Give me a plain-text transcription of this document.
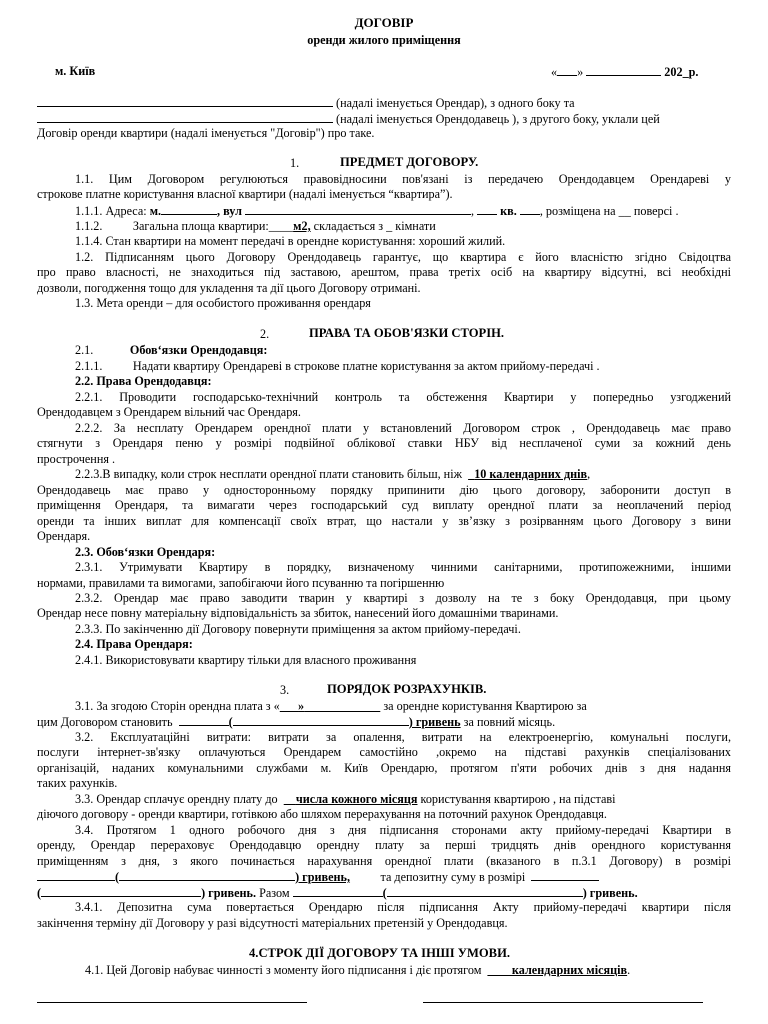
ДОГОВІР
оренди жилого приміщення
м. Київ	« »	202_р.
(надалі іменується Орендар), з одного боку та
(надалі іменується Орендодавець ), з другого боку, уклали цей
Договір оренди квартири (надалі іменується "Договір") про таке.
1.	ПРЕДМЕТ ДОГОВОРУ.
1.1. Цим Договором регулюються правовідносини пов'язані із передачею Орендодавцем Орендареві у
строкове платне користування власної квартири (надалі іменується “квартира”).
1.1.1. Адреса: м.	, вул	,  кв. , розміщена на __ поверсі .
1.1.2. Загальна площа квартири:____м2, складається з _ кімнати
1.1.4. Стан квартири на момент передачі в орендне користування: хороший жилий.
1.2. Підписанням цього Договору Орендодавець гарантує, що квартира є його власністю згідно Свідоцтва
про право власності, не знаходиться під заставою, арештом, права третіх осіб на квартиру відсутні, всі необхідні
дозволи, погодження тощо для укладення та дії цього Договору отримані.
1.3. Мета оренди – для особистого проживання орендаря
2.	ПРАВА ТА ОБОВ'ЯЗКИ СТОРІН.
2.1.	Обов‘язки Орендодавця:
2.1.1. Надати квартиру Орендареві в строкове платне користування за актом прийому-передачі .
2.2. Права Орендодавця:
2.2.1. Проводити господарсько-технічний контроль та обстеження Квартири у попередньо узгоджений
Орендодавцем з Орендарем вільний час Орендаря.
2.2.2. За несплату Орендарем орендної плати у встановлений Договором строк , Орендодавець має право
стягнути з Орендаря пеню у розмірі подвійної облікової ставки НБУ від несплаченої суми за кожний день
прострочення .
2.2.3.В випадку, коли строк несплати орендної плати становить більш, ніж 10 календарних днів,
Орендодавець має право у односторонньому порядку припинити дію цього договору, заборонити доступ в
приміщення Орендаря, та вимагати через господарський суд виплату орендної плати за неоплачений період
оренди та інших виплат для компенсації своїх втрат, що настали у зв’язку з розірванням цього Договору з вини
Орендаря.
2.3. Обов‘язки Орендаря:
2.3.1. Утримувати Квартиру в порядку, визначеному чинними санітарними, протипожежними, іншими
нормами, правилами та вимогами, запобігаючи його псуванню та погіршенню
2.3.2. Орендар має право заводити тварин у квартирі з дозволу на те з боку Орендодавця, при цьому
Орендар несе повну матеріальну відповідальність за збиток, нанесений його домашніми тваринами.
2.3.3. По закінченню дії Договору повернути приміщення за актом прийому-передачі.
2.4. Права Орендаря:
2.4.1. Використовувати квартиру тільки для власного проживання
3.	ПОРЯДОК РОЗРАХУНКІВ.
3.1. За згодою Сторін орендна плата з « »	за орендне користування Квартирою за
цим Договором становить	(	) гривень за повний місяць.
3.2. Експлуатаційні витрати: витрати за опалення, витрати на електроенергію, комунальні послуги,
послуги інтернет-зв'язку оплачуються Орендарем самостійно ,окремо на підставі рахунків спеціалізованих
організацій, наданих комунальними службами м. Київ Орендарю, протягом п'яти робочих днів з дня надання
таких рахунків.
3.3. Орендар сплачує орендну плату до числа кожного місяця користування квартирою , на підставі
діючого договору - оренди квартири, готівкою або шляхом перерахування на поточний рахунок Орендодавця.
3.4. Протягом 1 одного робочого дня з дня підписання сторонами акту прийому-передачі Квартири в
оренду, Орендар перераховує Орендодавцю орендну плату за перші тридцять днів орендного користування
приміщенням з дня, з якого починається нарахування орендної плати (вказаного в п.3.1 Договору) в розмірі
(	) гривень, та депозитну суму в розмірі
(	) гривень. Разом	(	) гривень.
3.4.1. Депозитна сума повертається Орендарю після підписання Акту прийому-передачі квартири після
закінчення терміну дії Договору у разі відсутності матеріальних претензій у Орендодавця.
4.СТРОК ДІЇ ДОГОВОРУ ТА ІНШІ УМОВИ.
4.1. Цей Договір набуває чинності з моменту його підписання і діє протягом ____календарних місяців.
